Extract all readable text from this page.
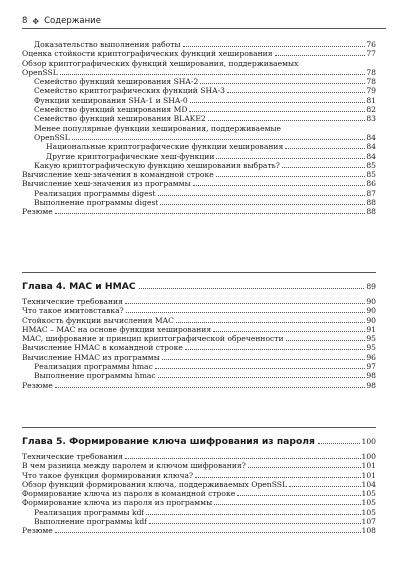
8 ✥ Содержание
Доказательство выполнения работы	76
Оценка стойкости криптографических функций хеширования	77
Обзор криптографических функций хеширования, поддерживаемых
OpenSSL	78
Семейство функций хеширования SHA-2	78
Семейство криптографических функций SHA-3	79
Функции хеширования SHA-1 и SHA-0	81
Семейство функций хеширования MD	82
Семейство функций хеширования BLAKE2	83
Менее популярные функции хеширования, поддерживаемые
OpenSSL	84
Национальные криптографические функции хеширования	84
Другие криптографические хеш-функции	84
Какую криптографическую функцию хеширования выбрать?	85
Вычисление хеш-значения в командной строке	85
Вычисление хеш-значения из программы	86
Реализация программы digest	87
Выполнение программы digest	88
Резюме	88
Глава 4. MAC и HMAC	89
Технические требования	90
Что такое имитовставка?	90
Стойкость функции вычисления MAC	90
HMAC – MAC на основе функции хеширования	91
MAC, шифрование и принцип криптографической обреченности	95
Вычисление HMAC в командной строке	95
Вычисление HMAC из программы	96
Реализация программы hmac	97
Выполнение программы hmac	98
Резюме	98
Глава 5. Формирование ключа шифрования из пароля	100
Технические требования	100
В чем разница между паролем и ключом шифрования?	101
Что такое функция формирования ключа?	101
Обзор функций формирования ключа, поддерживаемых OpenSSL	104
Формирование ключа из пароля в командной строке	105
Формирование ключа из пароля из программы	105
Реализация программы kdf	105
Выполнение программы kdf	107
Резюме	108
